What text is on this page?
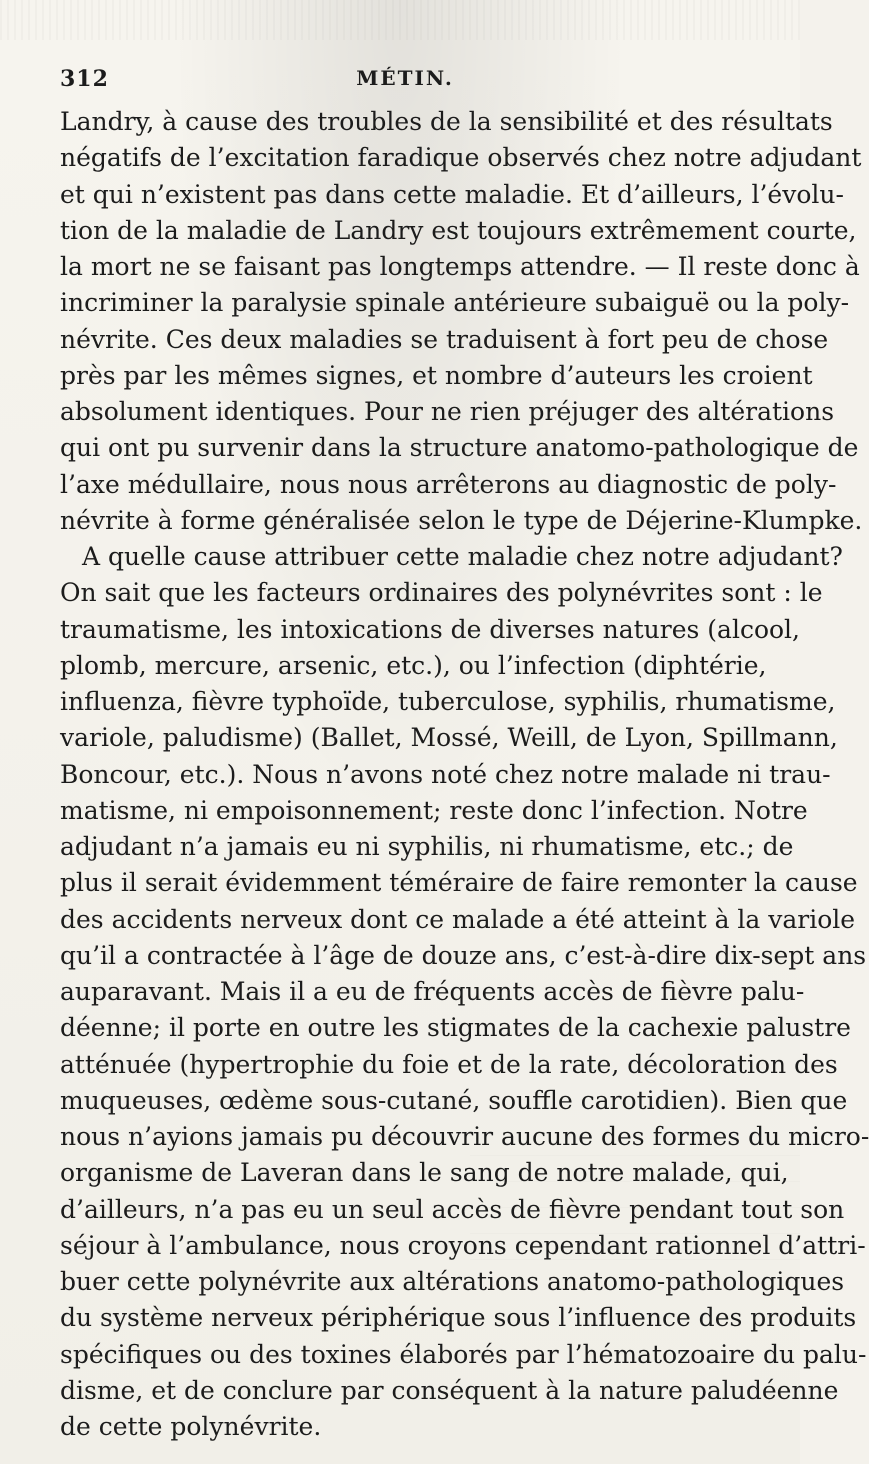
312	MÉTIN.
Landry, à cause des troubles de la sensibilité et des résultats
négatifs de l’excitation faradique observés chez notre adjudant
et qui n’existent pas dans cette maladie. Et d’ailleurs, l’évolu-
tion de la maladie de Landry est toujours extrêmement courte,
la mort ne se faisant pas longtemps attendre. — Il reste donc à
incriminer la paralysie spinale antérieure subaiguë ou la poly-
névrite. Ces deux maladies se traduisent à fort peu de chose
près par les mêmes signes, et nombre d’auteurs les croient
absolument identiques. Pour ne rien préjuger des altérations
qui ont pu survenir dans la structure anatomo-pathologique de
l’axe médullaire, nous nous arrêterons au diagnostic de poly-
névrite à forme généralisée selon le type de Déjerine-Klumpke.
A quelle cause attribuer cette maladie chez notre adjudant?
On sait que les facteurs ordinaires des polynévrites sont : le
traumatisme, les intoxications de diverses natures (alcool,
plomb, mercure, arsenic, etc.), ou l’infection (diphtérie,
influenza, fièvre typhoïde, tuberculose, syphilis, rhumatisme,
variole, paludisme) (Ballet, Mossé, Weill, de Lyon, Spillmann,
Boncour, etc.). Nous n’avons noté chez notre malade ni trau-
matisme, ni empoisonnement; reste donc l’infection. Notre
adjudant n’a jamais eu ni syphilis, ni rhumatisme, etc.; de
plus il serait évidemment téméraire de faire remonter la cause
des accidents nerveux dont ce malade a été atteint à la variole
qu’il a contractée à l’âge de douze ans, c’est-à-dire dix-sept ans
auparavant. Mais il a eu de fréquents accès de fièvre palu-
déenne; il porte en outre les stigmates de la cachexie palustre
atténuée (hypertrophie du foie et de la rate, décoloration des
muqueuses, œdème sous-cutané, souffle carotidien). Bien que
nous n’ayions jamais pu découvrir aucune des formes du micro-
organisme de Laveran dans le sang de notre malade, qui,
d’ailleurs, n’a pas eu un seul accès de fièvre pendant tout son
séjour à l’ambulance, nous croyons cependant rationnel d’attri-
buer cette polynévrite aux altérations anatomo-pathologiques
du système nerveux périphérique sous l’influence des produits
spécifiques ou des toxines élaborés par l’hématozoaire du palu-
disme, et de conclure par conséquent à la nature paludéenne
de cette polynévrite.
